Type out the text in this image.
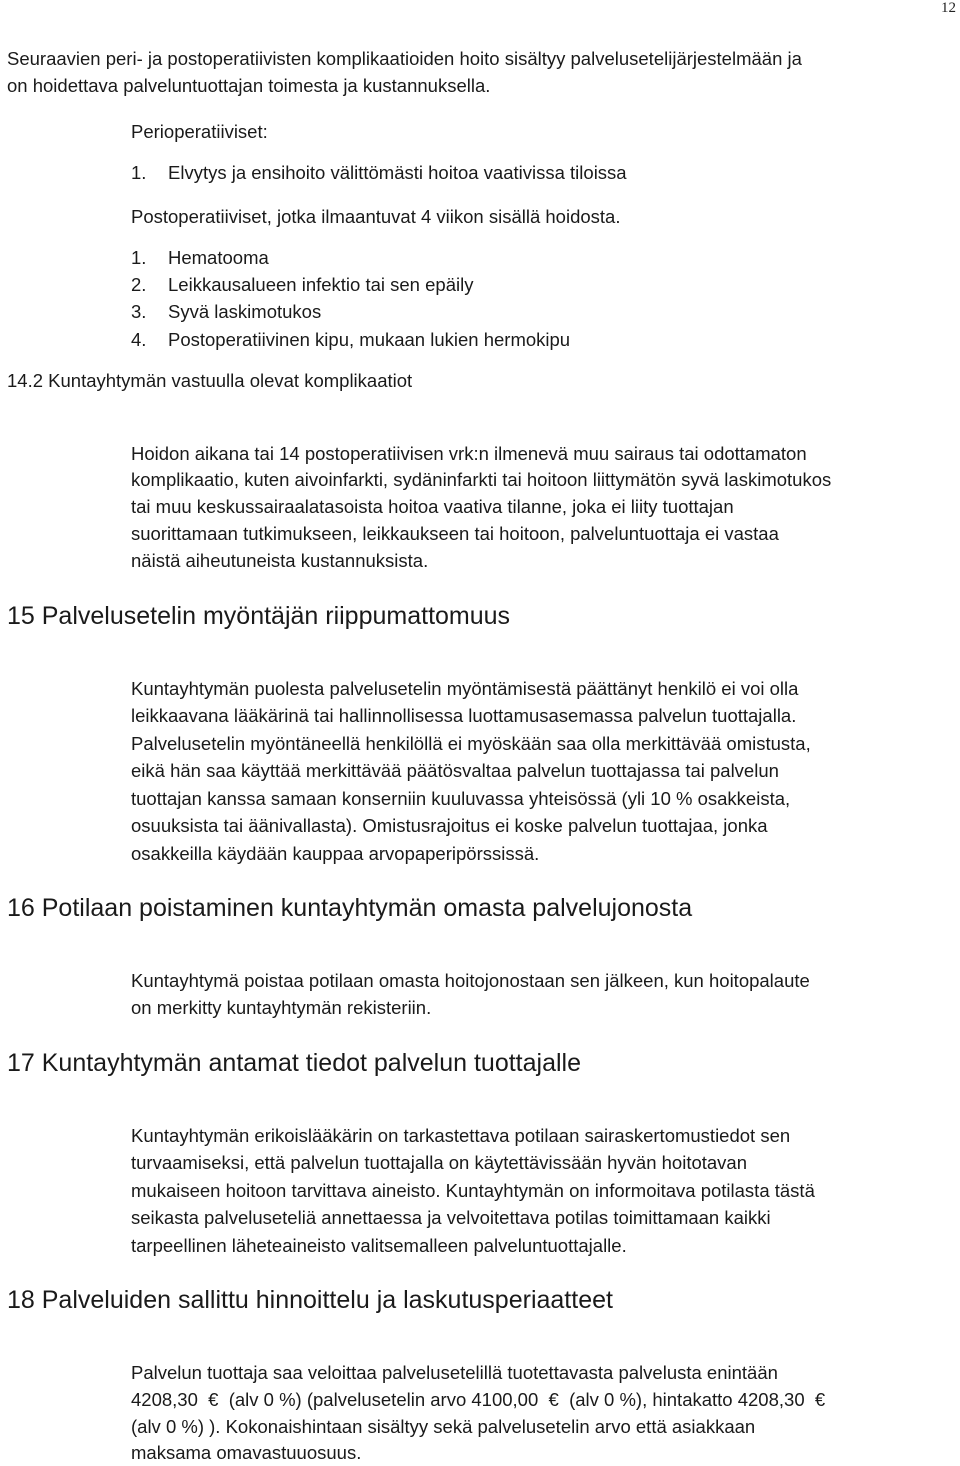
12
Seuraavien peri- ja postoperatiivisten komplikaatioiden hoito sisältyy palvelusetelijärjestelmään ja
on hoidettava palveluntuottajan toimesta ja kustannuksella.
Perioperatiiviset:
1. Elvytys ja ensihoito välittömästi hoitoa vaativissa tiloissa
Postoperatiiviset, jotka ilmaantuvat 4 viikon sisällä hoidosta.
1. Hematooma
2. Leikkausalueen infektio tai sen epäily
3. Syvä laskimotukos
4. Postoperatiivinen kipu, mukaan lukien hermokipu
14.2 Kuntayhtymän vastuulla olevat komplikaatiot
Hoidon aikana tai 14 postoperatiivisen vrk:n ilmenevä muu sairaus tai odottamaton
komplikaatio, kuten aivoinfarkti, sydäninfarkti tai hoitoon liittymätön syvä laskimotukos
tai muu keskussairaalatasoista hoitoa vaativa tilanne, joka ei liity tuottajan
suorittamaan tutkimukseen, leikkaukseen tai hoitoon, palveluntuottaja ei vastaa
näistä aiheutuneista kustannuksista.
15 Palvelusetelin myöntäjän riippumattomuus
Kuntayhtymän puolesta palvelusetelin myöntämisestä päättänyt henkilö ei voi olla
leikkaavana lääkärinä tai hallinnollisessa luottamusasemassa palvelun tuottajalla.
Palvelusetelin myöntäneellä henkilöllä ei myöskään saa olla merkittävää omistusta,
eikä hän saa käyttää merkittävää päätösvaltaa palvelun tuottajassa tai palvelun
tuottajan kanssa samaan konserniin kuuluvassa yhteisössä (yli 10 % osakkeista,
osuuksista tai äänivallasta). Omistusrajoitus ei koske palvelun tuottajaa, jonka
osakkeilla käydään kauppaa arvopaperipörssissä.
16 Potilaan poistaminen kuntayhtymän omasta palvelujonosta
Kuntayhtymä poistaa potilaan omasta hoitojonostaan sen jälkeen, kun hoitopalaute
on merkitty kuntayhtymän rekisteriin.
17 Kuntayhtymän antamat tiedot palvelun tuottajalle
Kuntayhtymän erikoislääkärin on tarkastettava potilaan sairaskertomustiedot sen
turvaamiseksi, että palvelun tuottajalla on käytettävissään hyvän hoitotavan
mukaiseen hoitoon tarvittava aineisto. Kuntayhtymän on informoitava potilasta tästä
seikasta palveluseteliä annettaessa ja velvoitettava potilas toimittamaan kaikki
tarpeellinen läheteaineisto valitsemalleen palveluntuottajalle.
18 Palveluiden sallittu hinnoittelu ja laskutusperiaatteet
Palvelun tuottaja saa veloittaa palvelusetelillä tuotettavasta palvelusta enintään
4208,30  €  (alv 0 %) (palvelusetelin arvo 4100,00  €  (alv 0 %), hintakatto 4208,30  €
(alv 0 %) ). Kokonaishintaan sisältyy sekä palvelusetelin arvo että asiakkaan
maksama omavastuuosuus.
